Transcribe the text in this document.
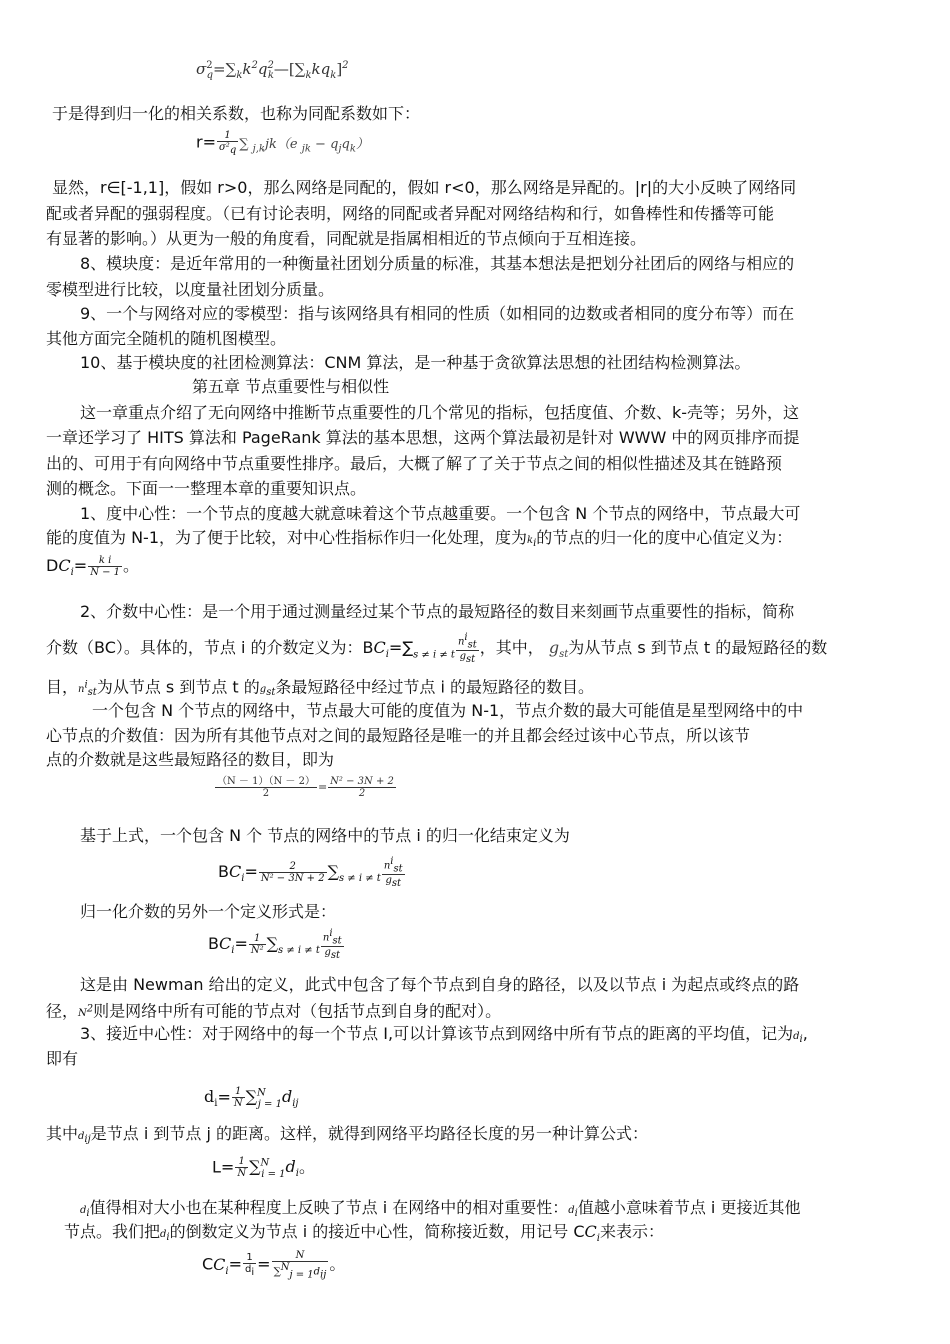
$\sigma^2_q=\sum_kk^2q^2_k—[\sum_kkq_k]^2$
于是得到归一化的相关系数，也称为同配系数如下：
$r= \frac{1}{\sigma^2_q}$ ∑ $_{j,k}$jk（e $_{jk} - q_jq_k$）
显然，r∈[-1,1]，假如 r>0，那么网络是同配的，假如 r<0，那么网络是异配的。|r|的大小反映了网络同
配或者异配的强弱程度。（已有讨论表明，网络的同配或者异配对网络结构和行，如鲁棒性和传播等可能
有显著的影响。）从更为一般的角度看，同配就是指属相相近的节点倾向于互相连接。
8、模块度：是近年常用的一种衡量社团划分质量的标准，其基本想法是把划分社团后的网络与相应的
零模型进行比较，以度量社团划分质量。
9、一个与网络对应的零模型：指与该网络具有相同的性质（如相同的边数或者相同的度分布等）而在
其他方面完全随机的随机图模型。
10、基于模块度的社团检测算法：CNM 算法，是一种基于贪欲算法思想的社团结构检测算法。
第五章 节点重要性与相似性
这一章重点介绍了无向网络中推断节点重要性的几个常见的指标，包括度值、介数、k-壳等；另外，这
一章还学习了 HITS 算法和 PageRank 算法的基本思想，这两个算法最初是针对 WWW 中的网页排序而提
出的、可用于有向网络中节点重要性排序。最后，大概了解了了关于节点之间的相似性描述及其在链路预
测的概念。下面一一整理本章的重要知识点。
1、度中心性：一个节点的度越大就意味着这个节点越重要。一个包含 N 个节点的网络中，节点最大可
能的度值为 N-1，为了便于比较，对中心性指标作归一化处理，度为$k_i$的节点的归一化的度中心值定义为：
$DC_i= \frac{\text{k i}}{N - 1}$ 。
2、介数中心性：是一个用于通过测量经过某个节点的最短路径的数目来刻画节点重要性的指标，简称
介数（BC）。具体的，节点 i 的介数定义为：$BC_i=\sum_{s \ne i \ne t} \frac{n^i_{st}}{g_{st}}$ ，其中， $g_{st}$为从节点 s 到节点 t 的最短路径的数
目，$n^i_{st}$为从节点 s 到节点 t 的$g_{st}$条最短路径中经过节点 i 的最短路径的数目。
一个包含 N 个节点的网络中，节点最大可能的度值为 N-1，节点介数的最大可能值是星型网络中的中
心节点的介数值：因为所有其他节点对之间的最短路径是唯一的并且都会经过该中心节点，所以该节
点的介数就是这些最短路径的数目，即为
$\frac{(N - 1)(N - 2)}{2} = \frac{\text{N² − 3N + 2}}{2}$
基于上式，一个包含 N 个 节点的网络中的节点 i 的归一化结束定义为
$BC_i= \frac{2}{\text{N² − 3N + 2}} \sum_{s \ne i \ne t} \frac{n^i_{st}}{g_{st}}$
归一化介数的另外一个定义形式是：
$BC_i= \frac{1}{\text{N²}} \sum_{s \ne i \ne t} \frac{n^i_{st}}{g_{st}}$
这是由 Newman 给出的定义，此式中包含了每个节点到自身的路径，以及以节点 i 为起点或终点的路
径，$N^2$则是网络中所有可能的节点对（包括节点到自身的配对）。
3、接近中心性：对于网络中的每一个节点 I,可以计算该节点到网络中所有节点的距离的平均值，记为$d_i$,
即有
$d_i= \frac{1}{N} \sum^N_{j = 1}d_{ij}$
其中$d_{ij}$是节点 i 到节点 j 的距离。这样，就得到网络平均路径长度的另一种计算公式：
$L= \frac{1}{N} \sum^N_{i = 1}d_i$。
$d_i$值得相对大小也在某种程度上反映了节点 i 在网络中的相对重要性：$d_i$值越小意味着节点 i 更接近其他
节点。我们把$d_i$的倒数定义为节点 i 的接近中心性，简称接近数，用记号 $CC_i$来表示：
$CC_i= \frac{1}{d_i} = \frac{N}{\sum^N_{j = 1}d_{ij}}$ 。
